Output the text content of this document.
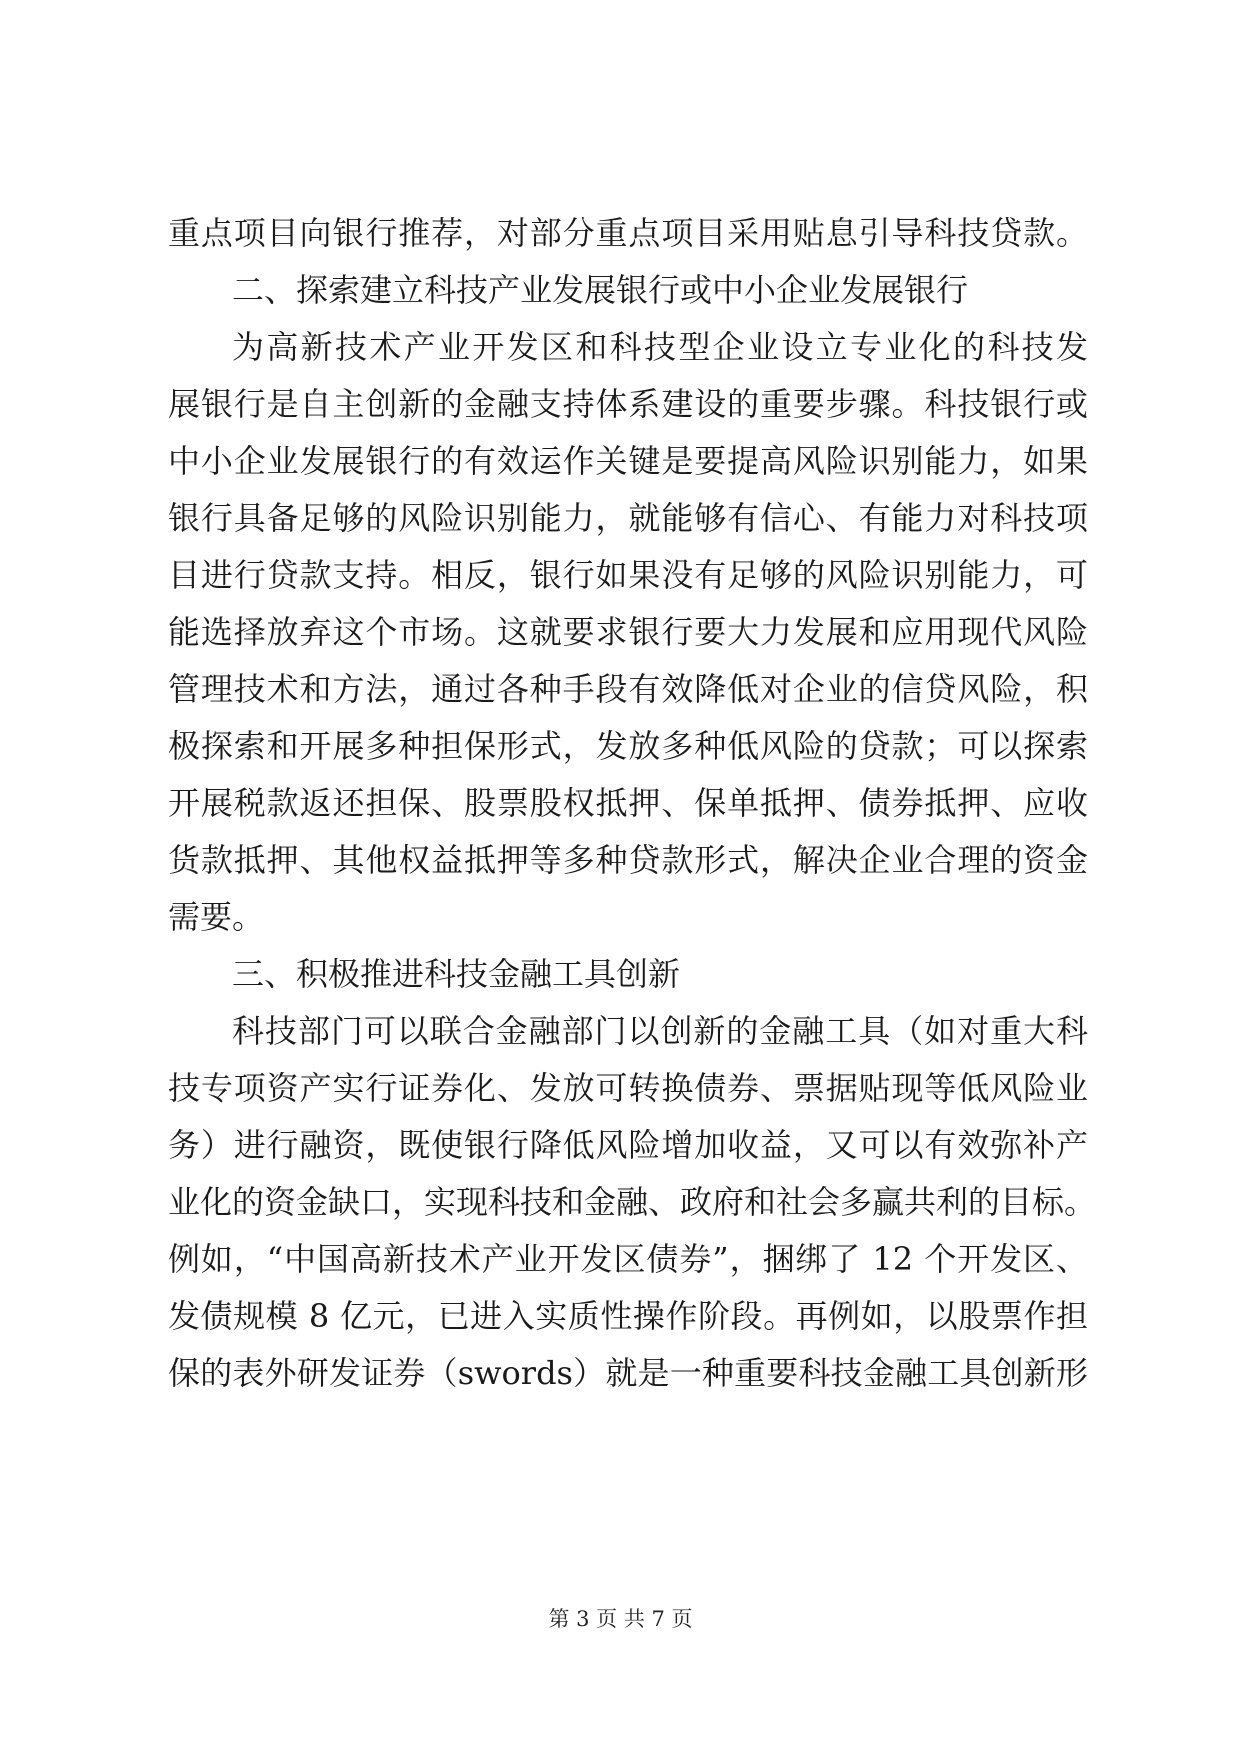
重点项目向银行推荐，对部分重点项目采用贴息引导科技贷款。
二、探索建立科技产业发展银行或中小企业发展银行
为高新技术产业开发区和科技型企业设立专业化的科技发
展银行是自主创新的金融支持体系建设的重要步骤。科技银行或
中小企业发展银行的有效运作关键是要提高风险识别能力，如果
银行具备足够的风险识别能力，就能够有信心、有能力对科技项
目进行贷款支持。相反，银行如果没有足够的风险识别能力，可
能选择放弃这个市场。这就要求银行要大力发展和应用现代风险
管理技术和方法，通过各种手段有效降低对企业的信贷风险，积
极探索和开展多种担保形式，发放多种低风险的贷款；可以探索
开展税款返还担保、股票股权抵押、保单抵押、债券抵押、应收
货款抵押、其他权益抵押等多种贷款形式，解决企业合理的资金
需要。
三、积极推进科技金融工具创新
科技部门可以联合金融部门以创新的金融工具（如对重大科
技专项资产实行证券化、发放可转换债券、票据贴现等低风险业
务）进行融资，既使银行降低风险增加收益，又可以有效弥补产
业化的资金缺口，实现科技和金融、政府和社会多赢共利的目标。
例如，“中国高新技术产业开发区债券”，捆绑了 12 个开发区、
发债规模 8 亿元，已进入实质性操作阶段。再例如，以股票作担
保的表外研发证券（swords）就是一种重要科技金融工具创新形
第 3 页 共 7 页
